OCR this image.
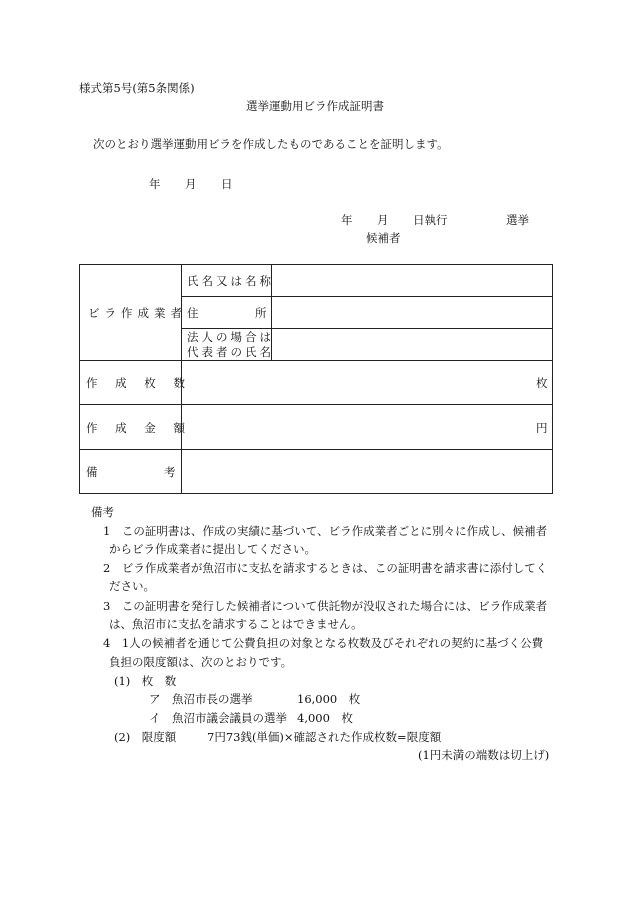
様式第5号(第5条関係)
選挙運動用ビラ作成証明書
次のとおり選挙運動用ビラを作成したものであることを証明します。
年 月 日
年 月 日執行	選挙
候補者
ビラ作成業者
氏名又は名称
住	所
法人の場合は
代表者の氏名
作 成 枚 数	枚
作 成 金 額	円
備	考
備考
1　この証明書は、作成の実績に基づいて、ビラ作成業者ごとに別々に作成し、候補者
からビラ作成業者に提出してください。
2　ビラ作成業者が魚沼市に支払を請求するときは、この証明書を請求書に添付してく
ださい。
3　この証明書を発行した候補者について供託物が没収された場合には、ビラ作成業者
は、魚沼市に支払を請求することはできません。
4　1人の候補者を通じて公費負担の対象となる枚数及びそれぞれの契約に基づく公費
負担の限度額は、次のとおりです。
(1)　枚　数
ア　魚沼市長の選挙	16,000　枚
イ　魚沼市議会議員の選挙 4,000　枚
(2)　限度額	7円73銭(単価)×確認された作成枚数=限度額
(1円未満の端数は切上げ)
